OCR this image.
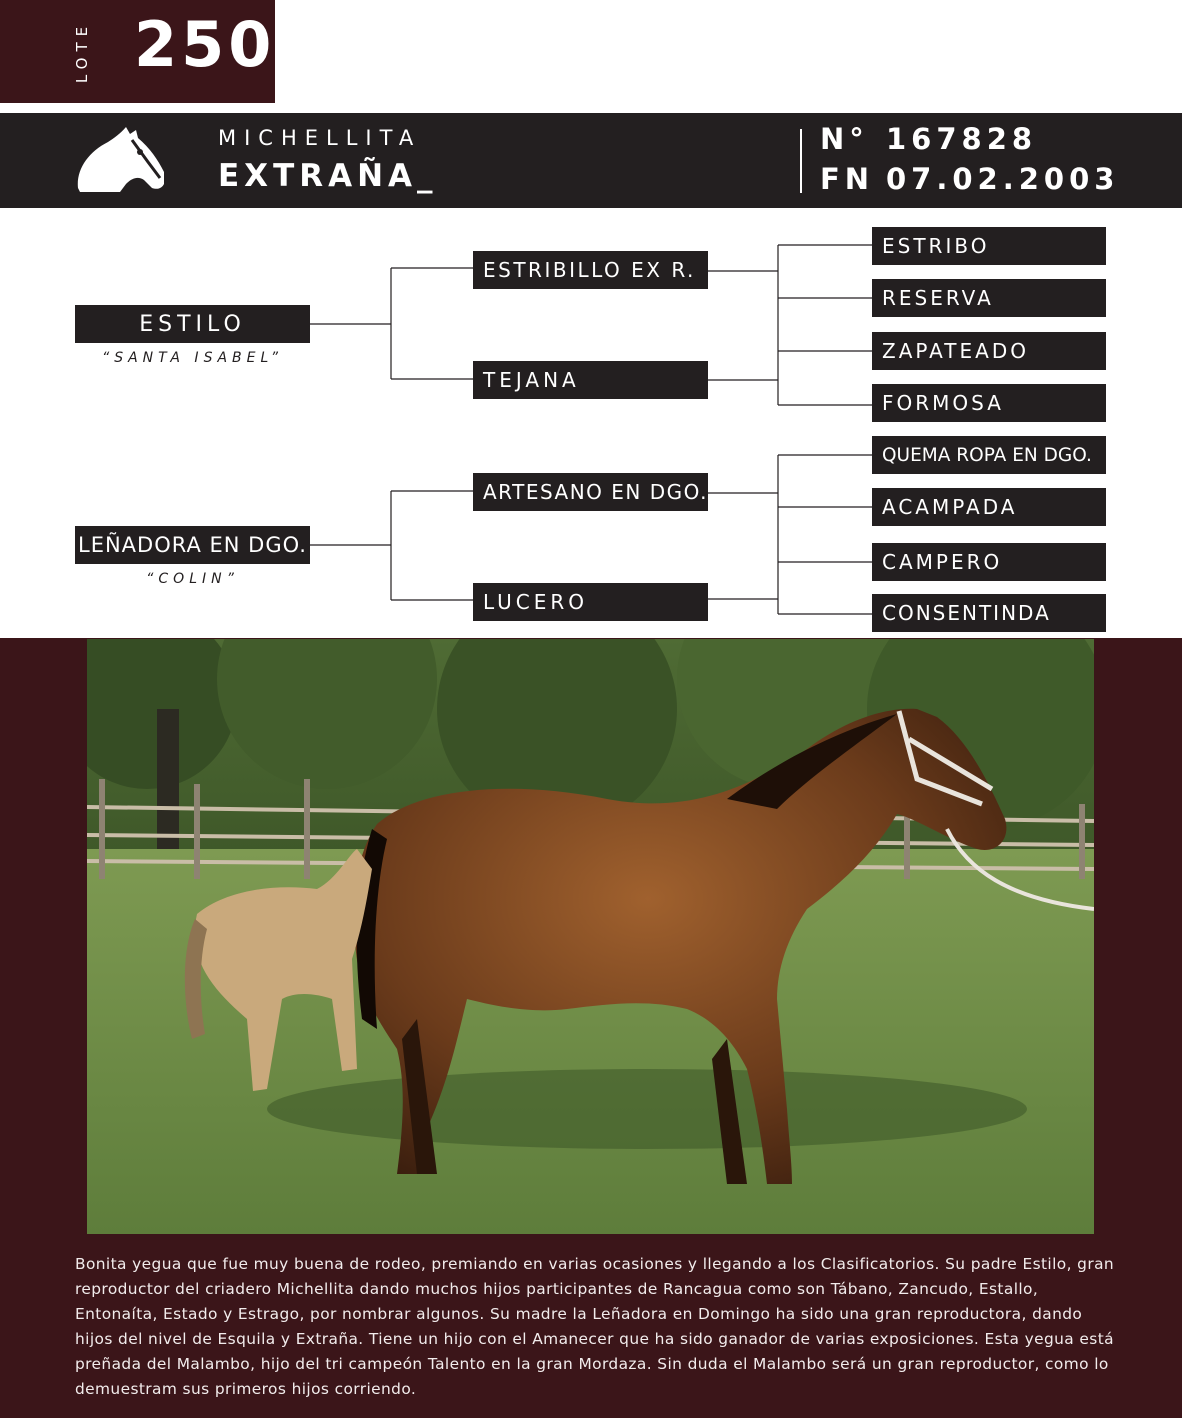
LOTE 250
MICHELLITA
EXTRAÑA_
N° 167828
FN 07.02.2003
ESTILO
“SANTA ISABEL”
LEÑADORA EN DGO.
“COLIN”
ESTRIBILLO EX R.
TEJANA
ARTESANO EN DGO.
LUCERO
ESTRIBO
RESERVA
ZAPATEADO
FORMOSA
QUEMA ROPA EN DGO.
ACAMPADA
CAMPERO
CONSENTINDA
Bonita yegua que fue muy buena de rodeo, premiando en varias ocasiones y llegando a los Clasificatorios. Su padre Estilo, gran reproductor del criadero Michellita dando muchos hijos participantes de Rancagua como son Tábano, Zancudo, Estallo, Entonaíta, Estado y Estrago, por nombrar algunos. Su madre la Leñadora en Domingo ha sido una gran reproductora, dando hijos del nivel de Esquila y Extraña. Tiene un hijo con el Amanecer que ha sido ganador de varias exposiciones. Esta yegua está preñada del Malambo, hijo del tri campeón Talento en la gran Mordaza. Sin duda el Malambo será un gran reproductor, como lo demuestram sus primeros hijos corriendo.
